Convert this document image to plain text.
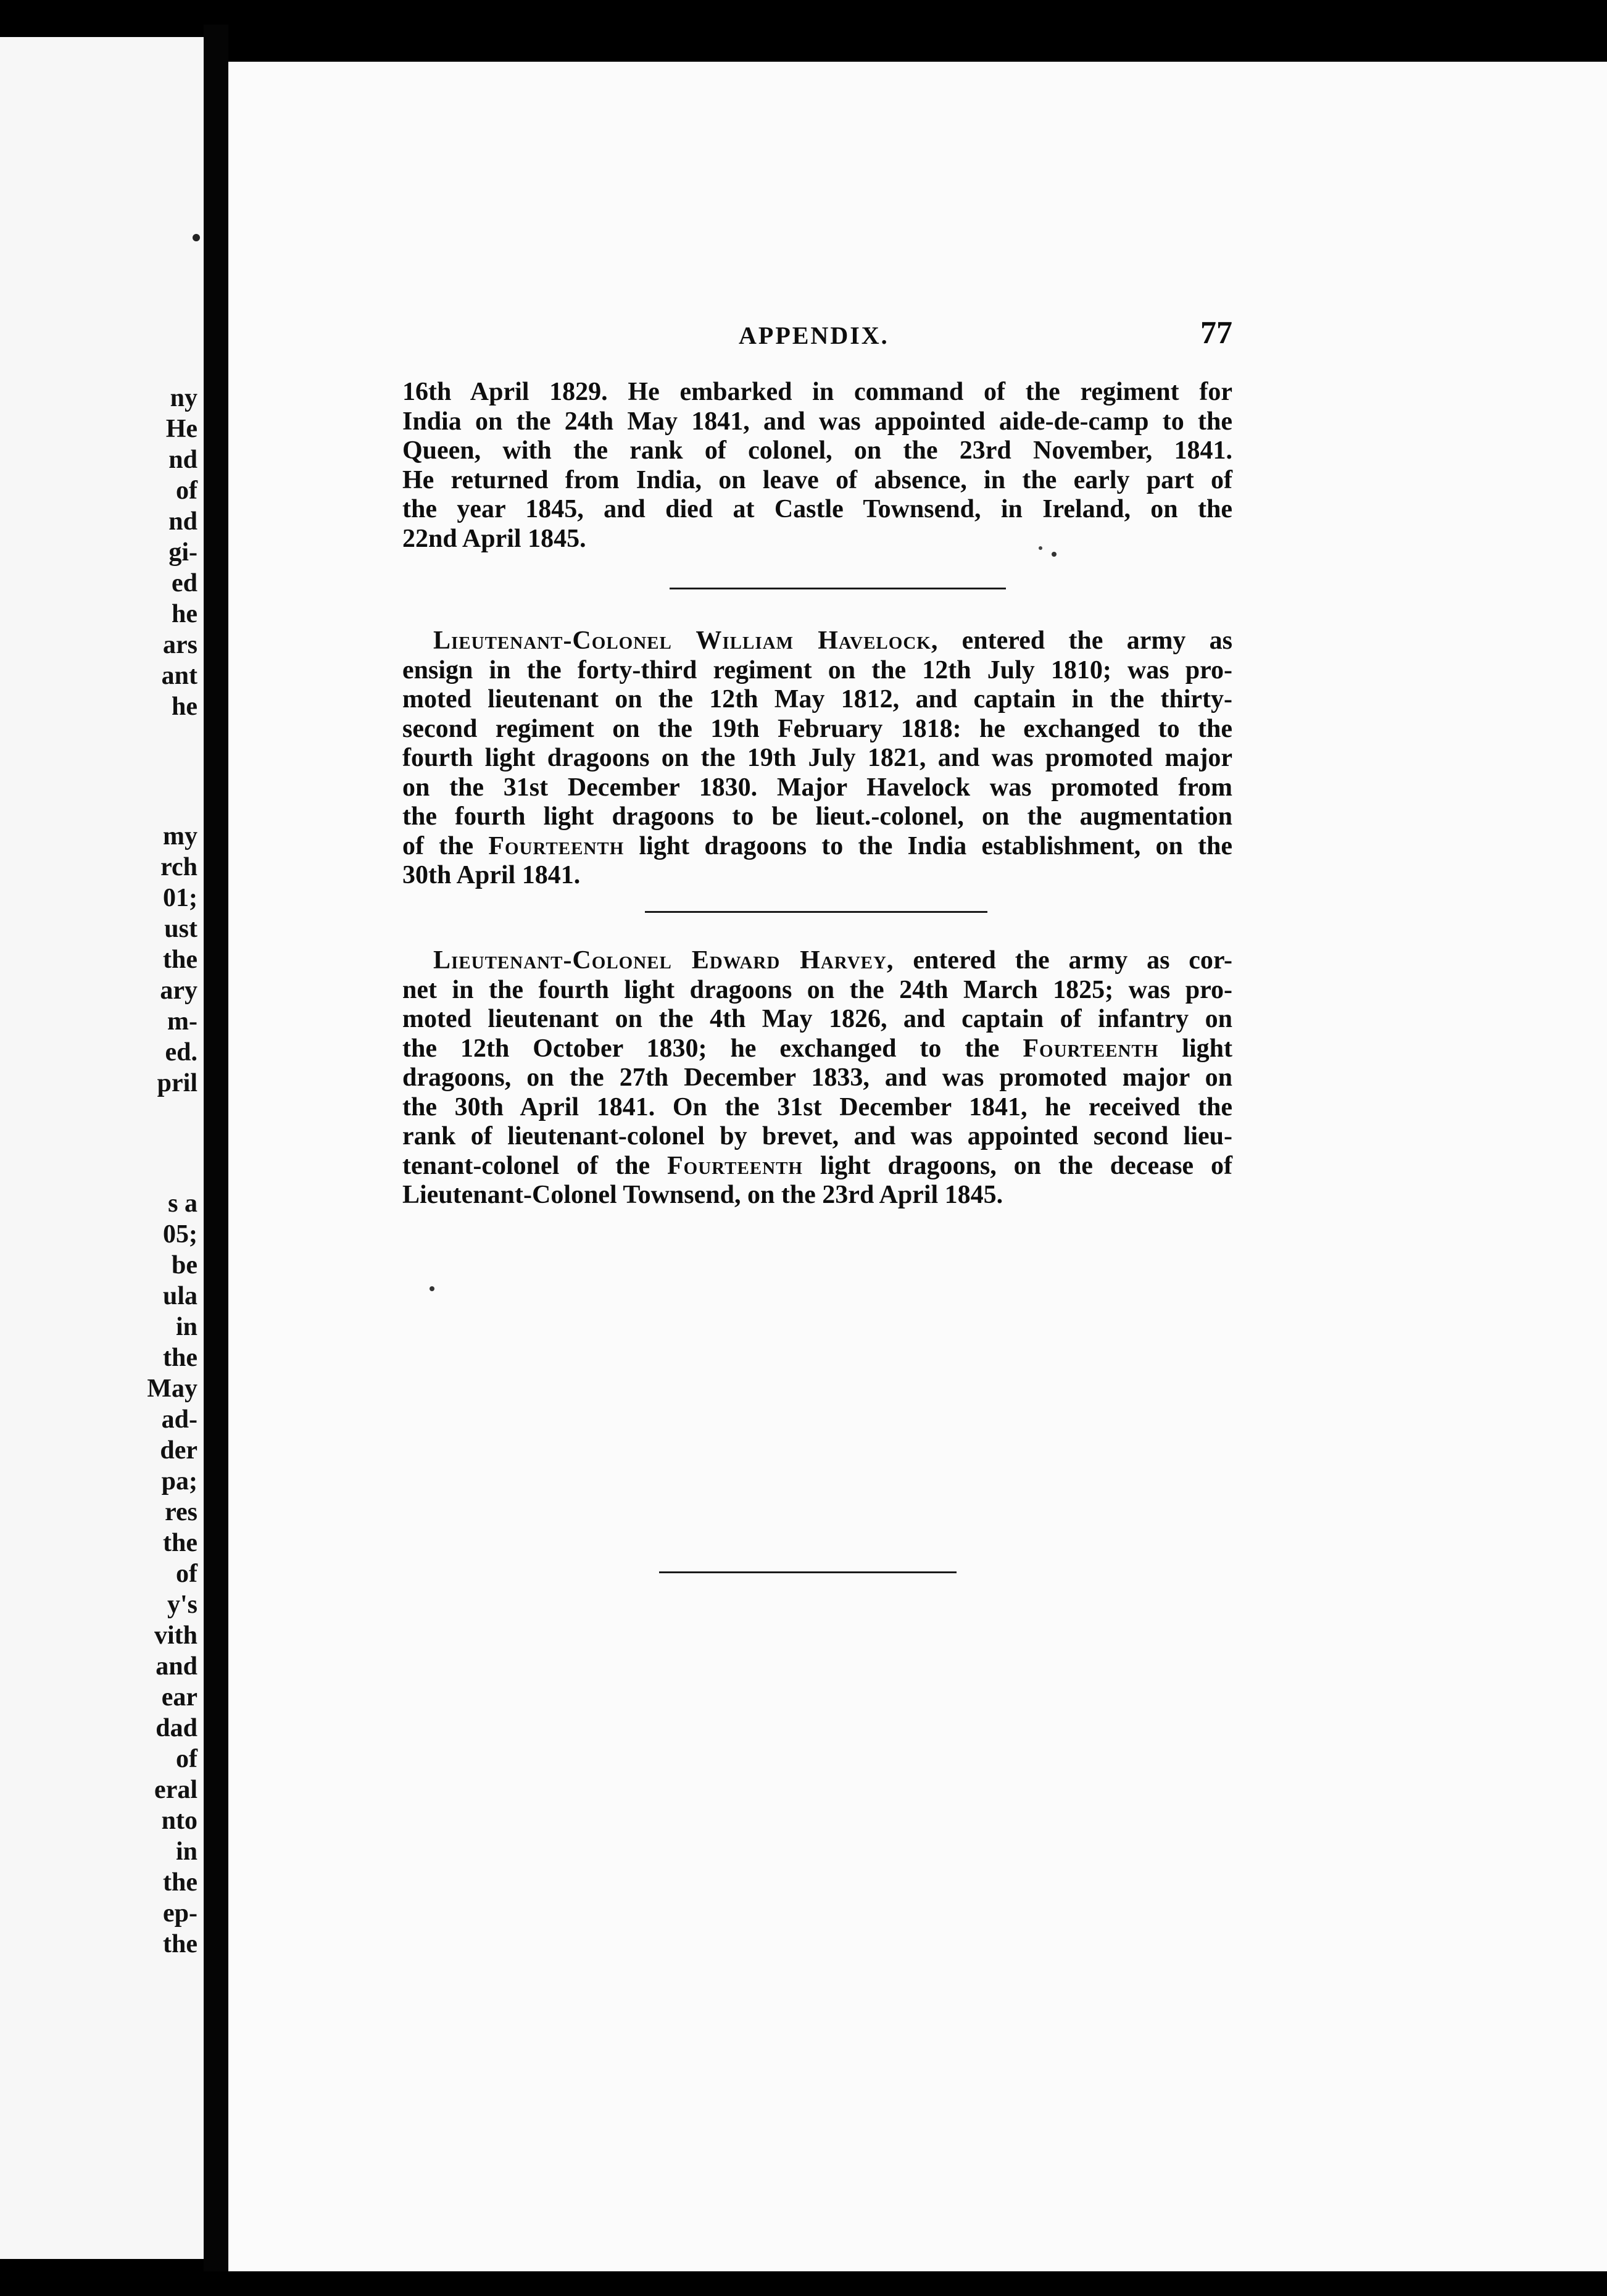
ny
He
nd
of
nd
gi-
ed
he
ars
ant
he
my
rch
01;
ust
the
ary
m-
ed.
pril
s a
05;
be
ula
in
the
May
ad-
der
pa;
res
the
of
y's
vith
and
ear
dad
of
eral
nto
in
the
ep-
the
APPENDIX.	77
16th April 1829. He embarked in command of the regiment for
India on the 24th May 1841, and was appointed aide-de-camp to the
Queen, with the rank of colonel, on the 23rd November, 1841.
He returned from India, on leave of absence, in the early part of
the year 1845, and died at Castle Townsend, in Ireland, on the
22nd April 1845.
Lieutenant-Colonel William Havelock, entered the army as
ensign in the forty-third regiment on the 12th July 1810; was pro-
moted lieutenant on the 12th May 1812, and captain in the thirty-
second regiment on the 19th February 1818: he exchanged to the
fourth light dragoons on the 19th July 1821, and was promoted major
on the 31st December 1830. Major Havelock was promoted from
the fourth light dragoons to be lieut.-colonel, on the augmentation
of the Fourteenth light dragoons to the India establishment, on the
30th April 1841.
Lieutenant-Colonel Edward Harvey, entered the army as cor-
net in the fourth light dragoons on the 24th March 1825; was pro-
moted lieutenant on the 4th May 1826, and captain of infantry on
the 12th October 1830; he exchanged to the Fourteenth light
dragoons, on the 27th December 1833, and was promoted major on
the 30th April 1841. On the 31st December 1841, he received the
rank of lieutenant-colonel by brevet, and was appointed second lieu-
tenant-colonel of the Fourteenth light dragoons, on the decease of
Lieutenant-Colonel Townsend, on the 23rd April 1845.
